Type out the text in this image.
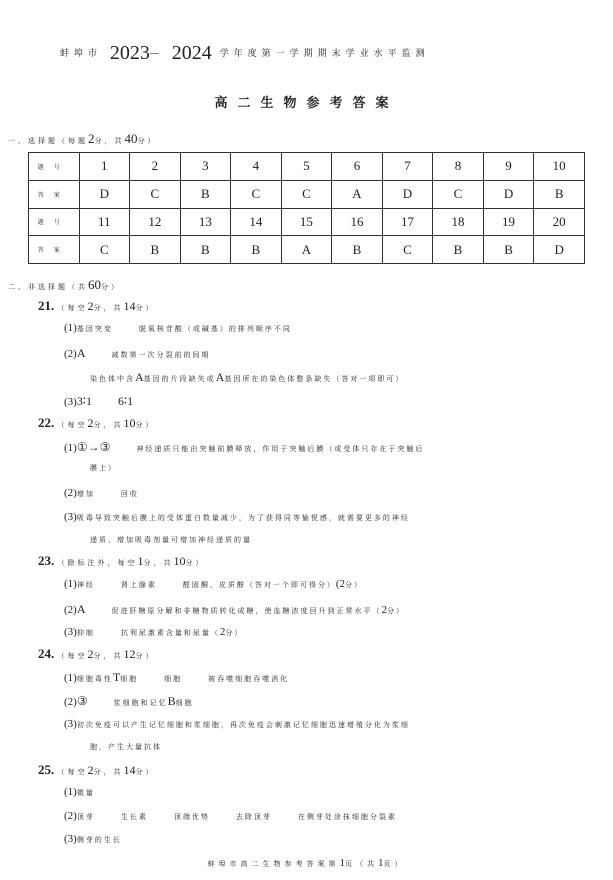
蚌埠市 2023— 2024 学年度第一学期期末学业水平监测
高二生物参考答案
一、选择题（每题2分，共40分）
题号	1	2	3	4	5	6	7	8	9	10
答案	D	C	B	C	C	A	D	C	D	B
题号	11	12	13	14	15	16	17	18	19	20
答案	C	B	B	B	A	B	C	B	B	D
二、非选择题（共60分）
21. （每空2分，共14分）
(1)基因突变	脱氧核苷酸（或碱基）的排列顺序不同
(2)A	减数第一次分裂前的间期
染色体中含A基因的片段缺失或A基因所在的染色体整条缺失（答对一项即可）
(3)3∶1 6∶1
22. （每空2分，共10分）
(1)①→③	神经递质只能由突触前膜释放，作用于突触后膜（或受体只存在于突触后
膜上）
(2)增加	回收
(3)吸毒导致突触后膜上的受体蛋白数量减少，为了获得同等愉悦感，就需要更多的神经
递质，增加吸毒剂量可增加神经递质的量
23. （除标注外，每空1分，共10分）
(1)神经	肾上腺素	醛固酮、皮质醇（答对一个即可得分）(2分）
(2)A	促进肝糖原分解和非糖物质转化成糖，使血糖浓度回升到正常水平（2分）
(3)抑制	抗利尿激素含量和尿量（2分）
24. （每空2分，共12分）
(1)细胞毒性T细胞	细胞	被吞噬细胞吞噬消化
(2)③	浆细胞和记忆B细胞
(3)初次免疫可以产生记忆细胞和浆细胞，再次免疫会刺激记忆细胞迅速增殖分化为浆细
胞，产生大量抗体
25. （每空2分，共14分）
(1)微量
(2)顶芽	生长素	顶端优势	去除顶芽	在侧芽处涂抹细胞分裂素
(3)侧芽的生长
蚌埠市高二生物参考答案第1页（共1页）
